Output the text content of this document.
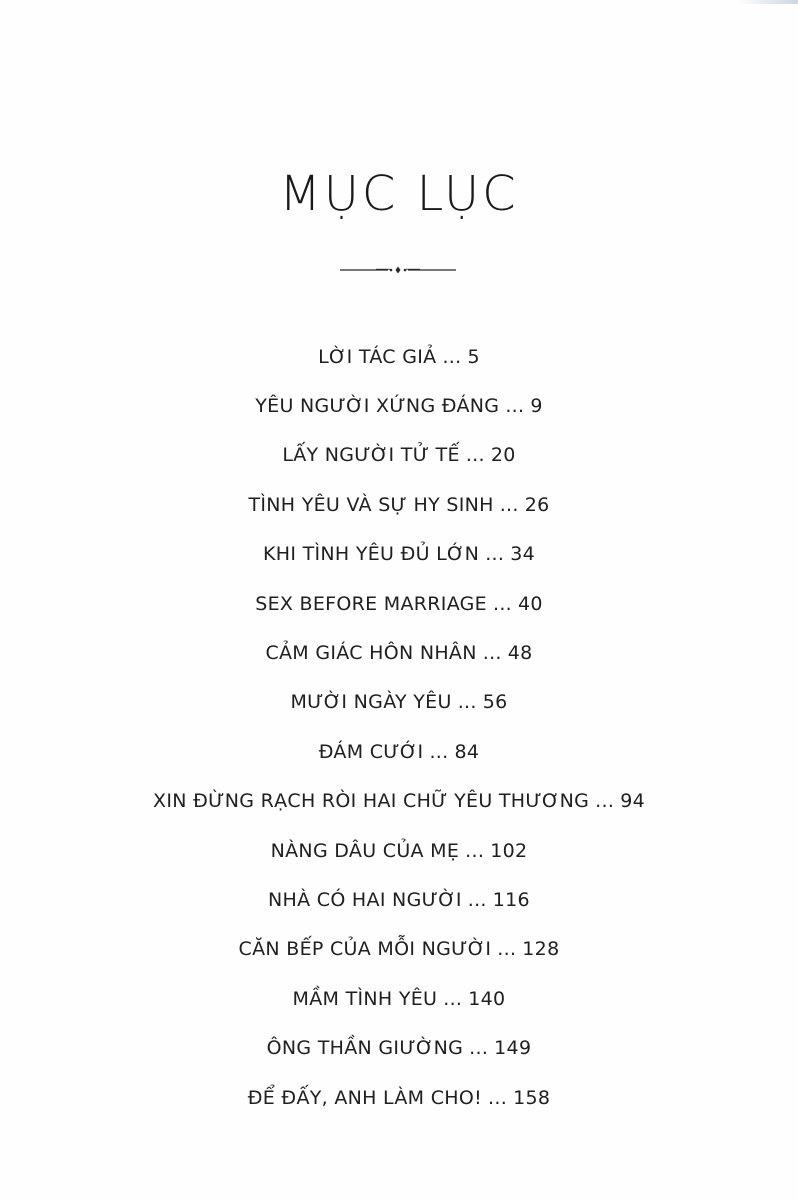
MỤC LỤC
LỜI TÁC GIẢ ... 5
YÊU NGƯỜI XỨNG ĐÁNG ... 9
LẤY NGƯỜI TỬ TẾ ... 20
TÌNH YÊU VÀ SỰ HY SINH ... 26
KHI TÌNH YÊU ĐỦ LỚN ... 34
SEX BEFORE MARRIAGE ... 40
CẢM GIÁC HÔN NHÂN ... 48
MƯỜI NGÀY YÊU ... 56
ĐÁM CƯỚI ... 84
XIN ĐỪNG RẠCH RÒI HAI CHỮ YÊU THƯƠNG ... 94
NÀNG DÂU CỦA MẸ ... 102
NHÀ CÓ HAI NGƯỜI ... 116
CĂN BẾP CỦA MỖI NGƯỜI ... 128
MẦM TÌNH YÊU ... 140
ÔNG THẦN GIƯỜNG ... 149
ĐỂ ĐẤY, ANH LÀM CHO! ... 158
